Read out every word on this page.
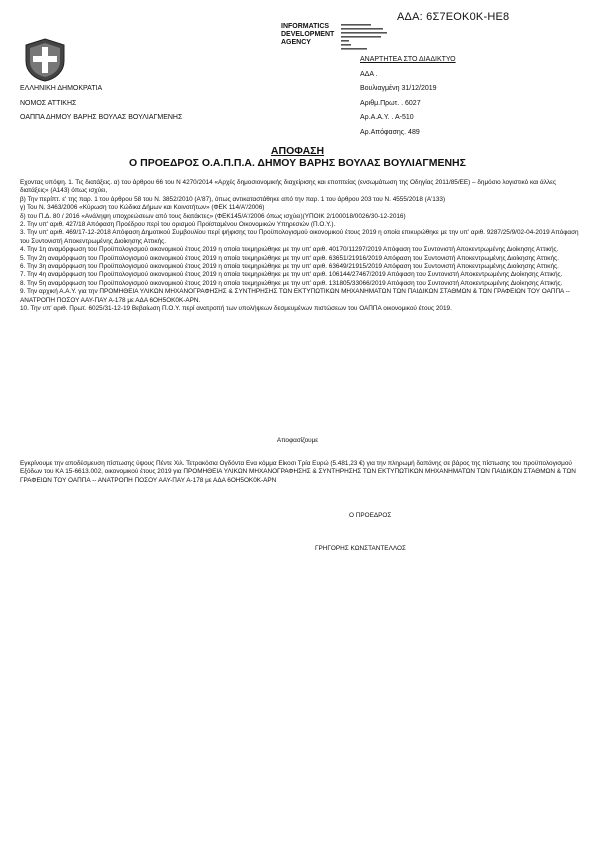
ΑΔΑ: 6Σ7ΕΟΚ0Κ-ΗΕ8
INFORMATICS
DEVELOPMENT
AGENCY
ΕΛΛΗΝΙΚΗ ΔΗΜΟΚΡΑΤΙΑ
ΝΟΜΟΣ ΑΤΤΙΚΗΣ
ΟΑΠΠΑ ΔΗΜΟΥ ΒΑΡΗΣ ΒΟΥΛΑΣ ΒΟΥΛΙΑΓΜΕΝΗΣ
ΑΝΑΡΤΗΤΕΑ ΣΤΟ ΔΙΑΔΙΚΤΥΟ
ΑΔΑ .
Βουλιαγμένη 31/12/2019
Αριθμ.Πρωτ. . 6027
Αρ.Α.Α.Υ. . Α-510
Αρ.Απόφασης. 489
ΑΠΟΦΑΣΗ
Ο ΠΡΟΕΔΡΟΣ Ο.Α.Π.Π.Α. ΔΗΜΟΥ ΒΑΡΗΣ ΒΟΥΛΑΣ ΒΟΥΛΙΑΓΜΕΝΗΣ

Εχοντας υπόψη. 1. Τις διατάξεις. α) του άρθρου 66 του Ν 4270/2014 «Αρχές δημοσιονομικής διαχείρισης και εποπτείας (ενσωμάτωση της Οδηγίας 2011/85/ΕΕ) – δημόσιο λογιστικό και άλλες διατάξεις» (Α143) όπως ισχύει,

β) Την περίπτ. ε' της παρ. 1 του άρθρου 58 του Ν. 3852/2010 (Α'87), όπως αντικαταστάθηκε από την παρ. 1 του άρθρου 203 του Ν. 4555/2018 (Α'133)

γ) Του Ν. 3463/2006 «Κύρωση του Κώδικα Δήμων και Κοινοτήτων» (ΦΕΚ 114/Α'/2006)

δ) του Π.Δ. 80 / 2016 «Ανάληψη υποχρεώσεων από τους διατάκτες» (ΦΕΚ145/Α'/2006 όπως ισχύει)(ΥΠΟΙΚ 2/100018/0026/30-12-2016)

2. Την υπ' αριθ. 427/18 Απόφαση Προέδρου περί του ορισμού Προϊσταμένου Οικονομικών Υπηρεσιών (Π.Ο.Υ.).

3. Την υπ' αριθ. 469/17-12-2018 Απόφαση Δημοτικού Συμβουλίου περί ψήφισης του Προϋπολογισμού οικονομικού έτους 2019 η οποία επικυρώθηκε με την υπ' αριθ. 9287/25/9/02-04-2019 Απόφαση του Συντονιστή Αποκεντρωμένης Διοίκησης Αττικής.

4. Την 1η αναμόρφωση του Προϋπολογισμού οικονομικού έτους 2019 η οποία τεκμηριώθηκε με την υπ' αριθ. 40170/11297/2019 Απόφαση του Συντονιστή Αποκεντρωμένης Διοίκησης Αττικής.

5. Την 2η αναμόρφωση του Προϋπολογισμού οικονομικού έτους 2019 η οποία τεκμηριώθηκε με την υπ' αριθ. 63651/21916/2019 Απόφαση του Συντονιστή Αποκεντρωμένης Διοίκησης Αττικής.

6. Την 3η αναμόρφωση του Προϋπολογισμού οικονομικού έτους 2019 η οποία τεκμηριώθηκε με την υπ' αριθ. 63649/21915/2019 Απόφαση του Συντονιστή Αποκεντρωμένης Διοίκησης Αττικής.

7. Την 4η αναμόρφωση του Προϋπολογισμού οικονομικού έτους 2019 η οποία τεκμηριώθηκε με την υπ' αριθ. 106144/27467/2019 Απόφαση του Συντονιστή Αποκεντρωμένης Διοίκησης Αττικής.

8. Την 5η αναμόρφωση του Προϋπολογισμού οικονομικού έτους 2019 η οποία τεκμηριώθηκε με την υπ' αριθ. 131805/33066/2019 Απόφαση του Συντονιστή Αποκεντρωμένης Διοίκησης Αττικής.

9. Την αρχική Α.Α.Υ. για την ΠΡΟΜΗΘΕΙΑ ΥΛΙΚΩΝ ΜΗΧΑΝΟΓΡΑΦΗΣΗΣ & ΣΥΝΤΗΡΗΣΗΣ ΤΩΝ ΕΚΤΥΠΩΤΙΚΩΝ ΜΗΧΑΝΗΜΑΤΩΝ ΤΩΝ ΠΑΙΔΙΚΩΝ ΣΤΑΘΜΩΝ & ΤΩΝ ΓΡΑΦΕΙΩΝ ΤΟΥ ΟΑΠΠΑ -- ΑΝΑΤΡΟΠΗ ΠΟΣΟΥ ΑΑΥ-ΠΑΥ Α-178 με ΑΔΑ 6ΟΗ5ΟΚ0Κ-ΑΡΝ.

10. Την υπ' αριθ. Πρωτ. 6025/31-12-19 Βεβαίωση Π.Ο.Υ. περί ανατροπή των υπολήψεων δεσμευμένων πιστώσεων του ΟΑΠΠΑ οικονομικού έτους 2019.

Αποφασίζουμε

Εγκρίνουμε την αποδέσμευση πίστωσης ύψους Πέντε Χιλ. Τετρακόσια Ογδόντα Ενα κόμμα Είκοσι Τρία Ευρώ (5.481,23 €) για την πληρωμή δαπάνης σε βάρος της πίστωσης του προϋπολογισμού Εξόδων του ΚΑ 15-6613.002, οικονομικού έτους 2019 για ΠΡΟΜΗΘΕΙΑ ΥΛΙΚΩΝ ΜΗΧΑΝΟΓΡΑΦΗΣΗΣ & ΣΥΝΤΗΡΗΣΗΣ ΤΩΝ ΕΚΤΥΠΩΤΙΚΩΝ ΜΗΧΑΝΗΜΑΤΩΝ ΤΩΝ ΠΑΙΔΙΚΩΝ ΣΤΑΘΜΩΝ & ΤΩΝ ΓΡΑΦΕΙΩΝ ΤΟΥ ΟΑΠΠΑ -- ΑΝΑΤΡΟΠΗ ΠΟΣΟΥ ΑΑΥ-ΠΑΥ Α-178 με ΑΔΑ 6ΟΗ5ΟΚ0Κ-ΑΡΝ

Ο ΠΡΟΕΔΡΟΣ
ΓΡΗΓΟΡΗΣ ΚΩΝΣΤΑΝΤΕΛΛΟΣ
